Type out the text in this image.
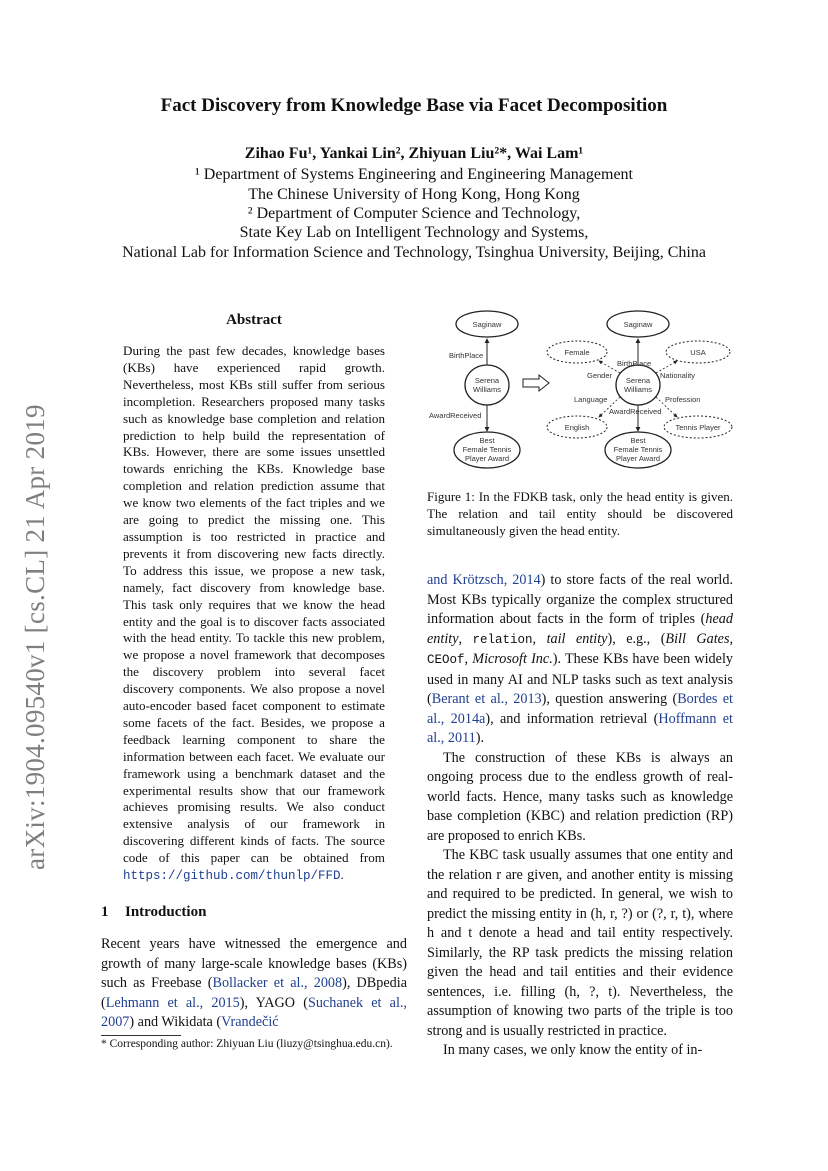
arXiv:1904.09540v1 [cs.CL] 21 Apr 2019
Fact Discovery from Knowledge Base via Facet Decomposition
Zihao Fu¹, Yankai Lin², Zhiyuan Liu²*, Wai Lam¹
¹ Department of Systems Engineering and Engineering Management
The Chinese University of Hong Kong, Hong Kong
² Department of Computer Science and Technology,
State Key Lab on Intelligent Technology and Systems,
National Lab for Information Science and Technology, Tsinghua University, Beijing, China
Abstract
During the past few decades, knowledge bases (KBs) have experienced rapid growth. Nevertheless, most KBs still suffer from serious incompletion. Researchers proposed many tasks such as knowledge base completion and relation prediction to help build the representation of KBs. However, there are some issues unsettled towards enriching the KBs. Knowledge base completion and relation prediction assume that we know two elements of the fact triples and we are going to predict the missing one. This assumption is too restricted in practice and prevents it from discovering new facts directly. To address this issue, we propose a new task, namely, fact discovery from knowledge base. This task only requires that we know the head entity and the goal is to discover facts associated with the head entity. To tackle this new problem, we propose a novel framework that decomposes the discovery problem into several facet discovery components. We also propose a novel auto-encoder based facet component to estimate some facets of the fact. Besides, we propose a feedback learning component to share the information between each facet. We evaluate our framework using a benchmark dataset and the experimental results show that our framework achieves promising results. We also conduct extensive analysis of our framework in discovering different kinds of facts. The source code of this paper can be obtained from https://github.com/thunlp/FFD.
1 Introduction
Recent years have witnessed the emergence and growth of many large-scale knowledge bases (KBs) such as Freebase (Bollacker et al., 2008), DBpedia (Lehmann et al., 2015), YAGO (Suchanek et al., 2007) and Wikidata (Vrandečić
* Corresponding author: Zhiyuan Liu (liuzy@tsinghua.edu.cn).
Saginaw
Serena
Williams
Best
Female Tennis
Player Award
BirthPlace
AwardReceived
Saginaw
Female	USA
Serena
Williams
English	Tennis Player
Best
Female Tennis
Player Award
BirthPlace
Gender	Nationality
Language	Profession
AwardReceived
Figure 1: In the FDKB task, only the head entity is given. The relation and tail entity should be discovered simultaneously given the head entity.

and Krötzsch, 2014) to store facts of the real world. Most KBs typically organize the complex structured information about facts in the form of triples (head entity, relation, tail entity), e.g., (Bill Gates, CEOof, Microsoft Inc.). These KBs have been widely used in many AI and NLP tasks such as text analysis (Berant et al., 2013), question answering (Bordes et al., 2014a), and information retrieval (Hoffmann et al., 2011).

The construction of these KBs is always an ongoing process due to the endless growth of real-world facts. Hence, many tasks such as knowledge base completion (KBC) and relation prediction (RP) are proposed to enrich KBs.

The KBC task usually assumes that one entity and the relation r are given, and another entity is missing and required to be predicted. In general, we wish to predict the missing entity in (h, r, ?) or (?, r, t), where h and t denote a head and tail entity respectively. Similarly, the RP task predicts the missing relation given the head and tail entities and their evidence sentences, i.e. filling (h, ?, t). Nevertheless, the assumption of knowing two parts of the triple is too strong and is usually restricted in practice.

In many cases, we only know the entity of in-
